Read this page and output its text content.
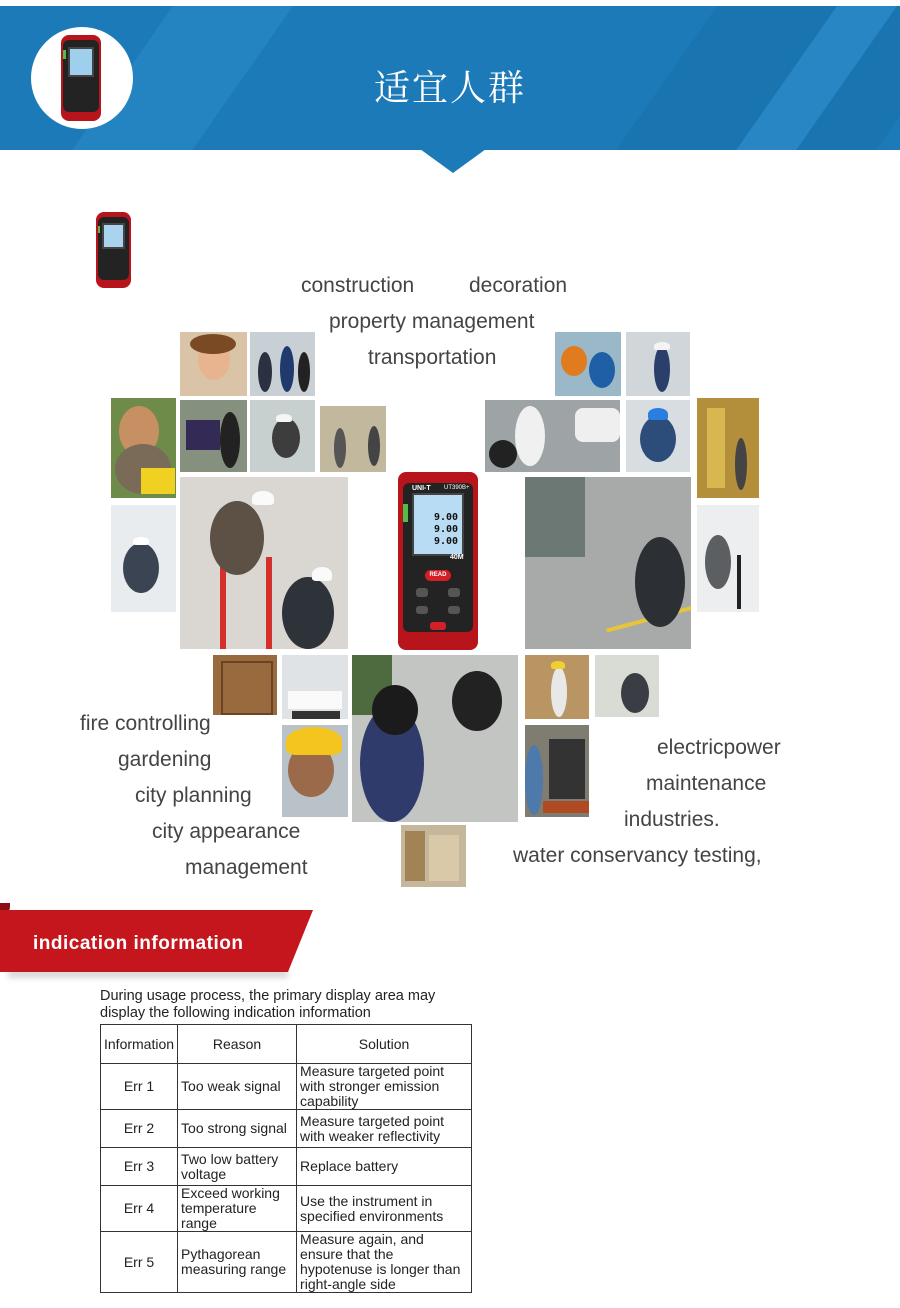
适宜人群
construction	decoration
property management
transportation
UNI-T UT390B+
9.00
9.00
9.00
40M
READ
fire controlling
gardening
city planning
city appearance
management
electricpower
maintenance
industries.
water conservancy testing,
indication information
During usage process, the primary display area may display the following indication information
Information	Reason	Solution
Err 1	Too weak signal	Measure targeted point with stronger emission capability
Err 2	Too strong signal	Measure targeted point with weaker reflectivity
Err 3	Two low battery voltage	Replace battery
Err 4	Exceed working temperature range	Use the instrument in specified environments
Err 5	Pythagorean measuring range	Measure again, and ensure that the hypotenuse is longer than right-angle side
